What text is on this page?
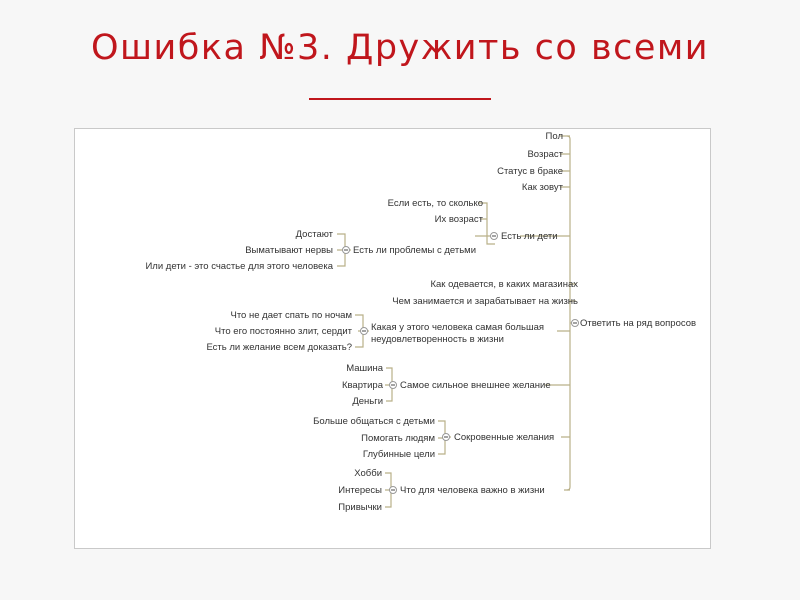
Ошибка №3. Дружить со всеми
Ответить на ряд вопросов
Пол
Возраст
Статус в браке
Как зовут
Есть ли дети
Если есть, то сколько
Их возраст
Есть ли проблемы с детьми
Достают
Выматывают нервы
Или дети - это счастье для этого человека
Как одевается, в каких магазинах
Чем занимается и зарабатывает на жизнь
Какая у этого человека самая большая
неудовлетворенность в жизни
Что не дает спать по ночам
Что его постоянно злит, сердит
Есть ли желание всем доказать?
Самое сильное внешнее желание
Машина
Квартира
Деньги
Сокровенные желания
Больше общаться с детьми
Помогать людям
Глубинные цели
Что для человека важно в жизни
Хобби
Интересы
Привычки
